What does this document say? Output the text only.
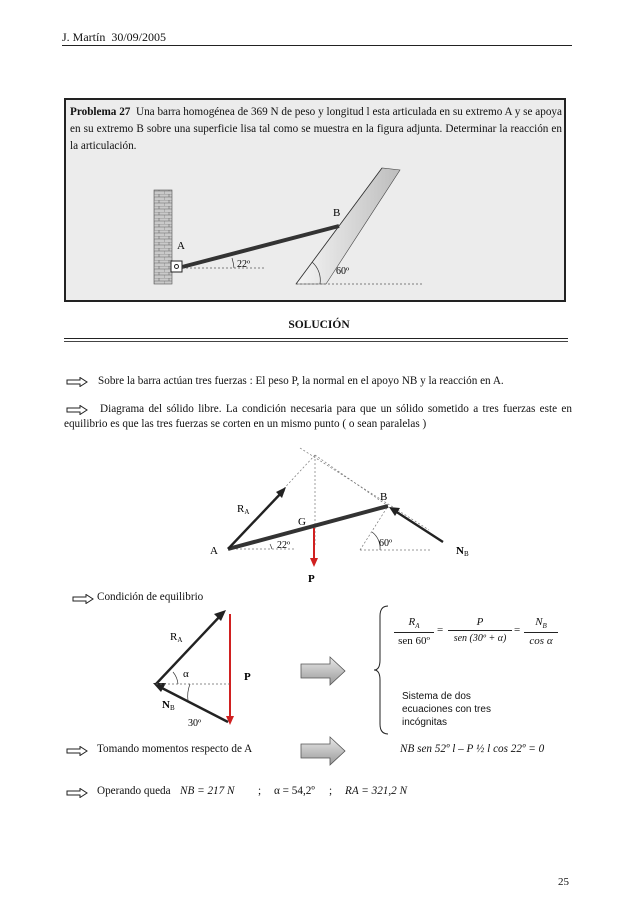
J. Martín 30/09/2005
Problema 27 Una barra homogénea de 369 N de peso y longitud l esta articulada en su extremo A y se apoya en su extremo B sobre una superficie lisa tal como se muestra en la figura adjunta. Determinar la reacción en la articulación.
B
A
22º
60º
SOLUCIÓN
Sobre la barra actúan tres fuerzas : El peso P, la normal en el apoyo NB y la reacción en A.
Diagrama del sólido libre. La condición necesaria para que un sólido sometido a tres fuerzas este en equilibrio es que las tres fuerzas se corten en un mismo punto ( o sean paralelas )
RA
G
B
A	22º	60º
NB
P
Condición de equilibrio
RA
α	P
NB
30º
$R_A$
sen 60º
=
P
sen (30º + α)
=
$N_B$
cos α
Sistema de dos ecuaciones con tres incógnitas
Tomando momentos respecto de A	NB sen 52º l – P ½ l cos 22º = 0
Operando queda NB = 217 N ; α = 54,2º ; RA = 321,2 N
25
